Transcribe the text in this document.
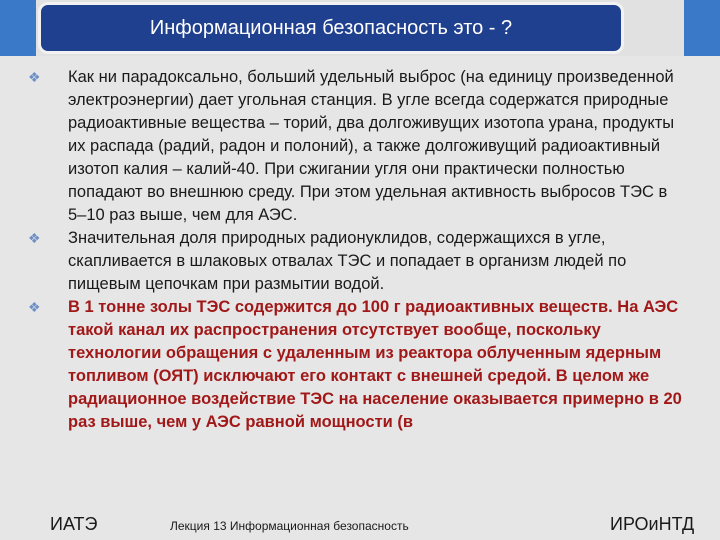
Информационная безопасность это - ?
❖	Как ни парадоксально, больший удельный выброс (на единицу произведенной электроэнергии) дает угольная станция. В угле всегда содержатся природные радиоактивные вещества – торий, два долгоживущих изотопа урана, продукты их распада (радий, радон и полоний), а также долгоживущий радиоактивный изотоп калия – калий-40. При сжигании угля они практически полностью попадают во внешнюю среду. При этом удельная активность выбросов ТЭС в 5–10 раз выше, чем для АЭС.

❖	Значительная доля природных радионуклидов, содержащихся в угле, скапливается в шлаковых отвалах ТЭС и попадает в организм людей по пищевым цепочкам при размытии водой.

❖	В 1 тонне золы ТЭС содержится до 100 г радиоактивных веществ. На АЭС такой канал их распространения отсутствует вообще, поскольку технологии обращения с удаленным из реактора облученным ядерным топливом (ОЯТ) исключают его контакт с внешней средой. В целом же радиационное воздействие ТЭС на население оказывается примерно в 20 раз выше, чем у АЭС равной мощности (в

ИАТЭ	Лекция 13 Информационная безопасность	ИРОиНТД
